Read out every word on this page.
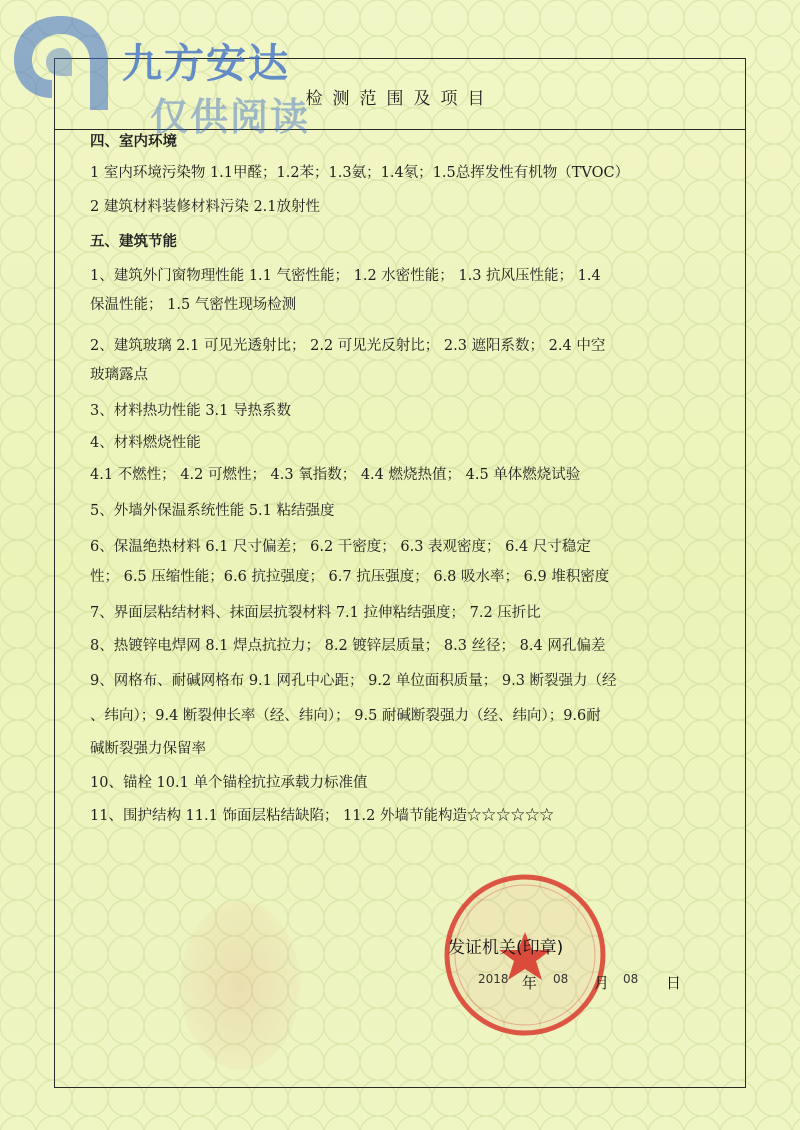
检测范围及项目
四、室内环境
1 室内环境污染物 1.1甲醛；1.2苯；1.3氨；1.4氡；1.5总挥发性有机物（TVOC）
2 建筑材料装修材料污染 2.1放射性
五、建筑节能
1、建筑外门窗物理性能 1.1 气密性能； 1.2 水密性能； 1.3 抗风压性能； 1.4
保温性能； 1.5 气密性现场检测
2、建筑玻璃 2.1 可见光透射比； 2.2 可见光反射比； 2.3 遮阳系数； 2.4 中空
玻璃露点
3、材料热功性能 3.1 导热系数
4、材料燃烧性能
4.1 不燃性； 4.2 可燃性； 4.3 氧指数； 4.4 燃烧热值； 4.5 单体燃烧试验
5、外墙外保温系统性能 5.1 粘结强度
6、保温绝热材料 6.1 尺寸偏差； 6.2 干密度； 6.3 表观密度； 6.4 尺寸稳定
性； 6.5 压缩性能；6.6 抗拉强度； 6.7 抗压强度； 6.8 吸水率； 6.9 堆积密度
7、界面层粘结材料、抹面层抗裂材料 7.1 拉伸粘结强度； 7.2 压折比
8、热镀锌电焊网 8.1 焊点抗拉力； 8.2 镀锌层质量； 8.3 丝径； 8.4 网孔偏差
9、网格布、耐碱网格布 9.1 网孔中心距； 9.2 单位面积质量； 9.3 断裂强力（经
、纬向）；9.4 断裂伸长率（经、纬向）； 9.5 耐碱断裂强力（经、纬向）；9.6耐
碱断裂强力保留率
10、锚栓 10.1 单个锚栓抗拉承载力标准值
11、围护结构 11.1 饰面层粘结缺陷； 11.2 外墙节能构造☆☆☆☆☆☆
九方安达
仅供阅读
发证机关(印章)
2018 年 08 月 08 日
